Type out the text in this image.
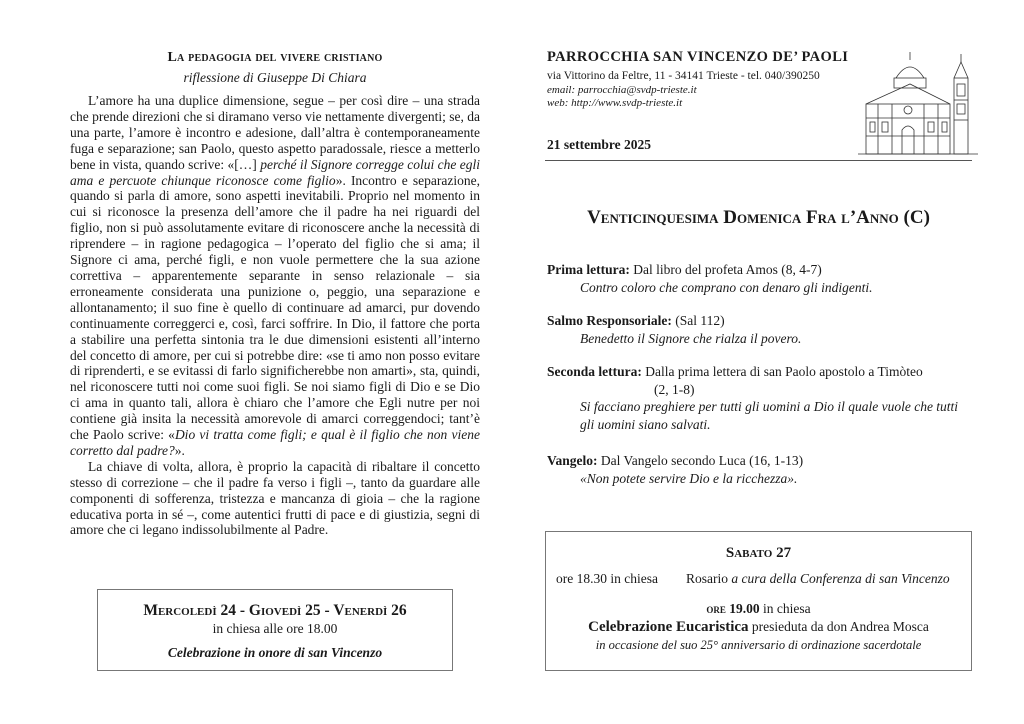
La pedagogia del vivere cristiano
riflessione di Giuseppe Di Chiara

L’amore ha una duplice dimensione, segue – per così dire – una strada che prende direzioni che si diramano verso vie nettamente divergenti; se, da una parte, l’amore è incontro e adesione, dall’altra è contemporaneamente fuga e separazione; san Paolo, questo aspetto paradossale, riesce a metterlo bene in vista, quando scrive: «[…] perché il Signore corregge colui che egli ama e percuote chiunque riconosce come figlio». Incontro e separazione, quando si parla di amore, sono aspetti inevitabili. Proprio nel momento in cui si riconosce la presenza dell’amore che il padre ha nei riguardi del figlio, non si può assolutamente evitare di riconoscere anche la necessità di riprendere – in ragione pedagogica – l’operato del figlio che si ama; il Signore ci ama, perché figli, e non vuole permettere che la sua azione correttiva – apparentemente separante in senso relazionale – sia erroneamente considerata una punizione o, peggio, una separazione e allontanamento; il suo fine è quello di continuare ad amarci, pur dovendo continuamente correggerci e, così, farci soffrire. In Dio, il fattore che porta a stabilire una perfetta sintonia tra le due dimensioni esistenti all’interno del concetto di amore, per cui si potrebbe dire: «se ti amo non posso evitare di riprenderti, e se evitassi di farlo significherebbe non amarti», sta, quindi, nel riconoscere tutti noi come suoi figli. Se noi siamo figli di Dio e se Dio ci ama in quanto tali, allora è chiaro che l’amore che Egli nutre per noi contiene già insita la necessità amorevole di amarci correggendoci; tant’è che Paolo scrive: «Dio vi tratta come figli; e qual è il figlio che non viene corretto dal padre?».

La chiave di volta, allora, è proprio la capacità di ribaltare il concetto stesso di correzione – che il padre fa verso i figli –, tanto da guardare alle componenti di sofferenza, tristezza e mancanza di gioia – che la ragione educativa porta in sé –, come autentici frutti di pace e di giustizia, segni di amore che ci legano indissolubilmente al Padre.

Mercoledì 24 - Giovedì 25 - Venerdì 26
in chiesa alle ore 18.00
Celebrazione in onore di san Vincenzo
PARROCCHIA SAN VINCENZO DE’ PAOLI
via Vittorino da Feltre, 11 - 34141 Trieste - tel. 040/390250
email: parrocchia@svdp-trieste.it
web: http://www.svdp-trieste.it
21 settembre 2025
Venticinquesima Domenica Fra l’Anno (C)
Prima lettura: Dal libro del profeta Amos (8, 4-7)
Contro coloro che comprano con denaro gli indigenti.
Salmo Responsoriale: (Sal 112)
Benedetto il Signore che rialza il povero.
Seconda lettura: Dalla prima lettera di san Paolo apostolo a Timòteo
(2, 1-8)
Si facciano preghiere per tutti gli uomini a Dio il quale vuole che tutti gli uomini siano salvati.
Vangelo: Dal Vangelo secondo Luca (16, 1-13)
«Non potete servire Dio e la ricchezza».
Sabato 27
ore 18.30 in chiesa Rosario a cura della Conferenza di san Vincenzo
ore 19.00 in chiesa
Celebrazione Eucaristica presieduta da don Andrea Mosca
in occasione del suo 25° anniversario di ordinazione sacerdotale
